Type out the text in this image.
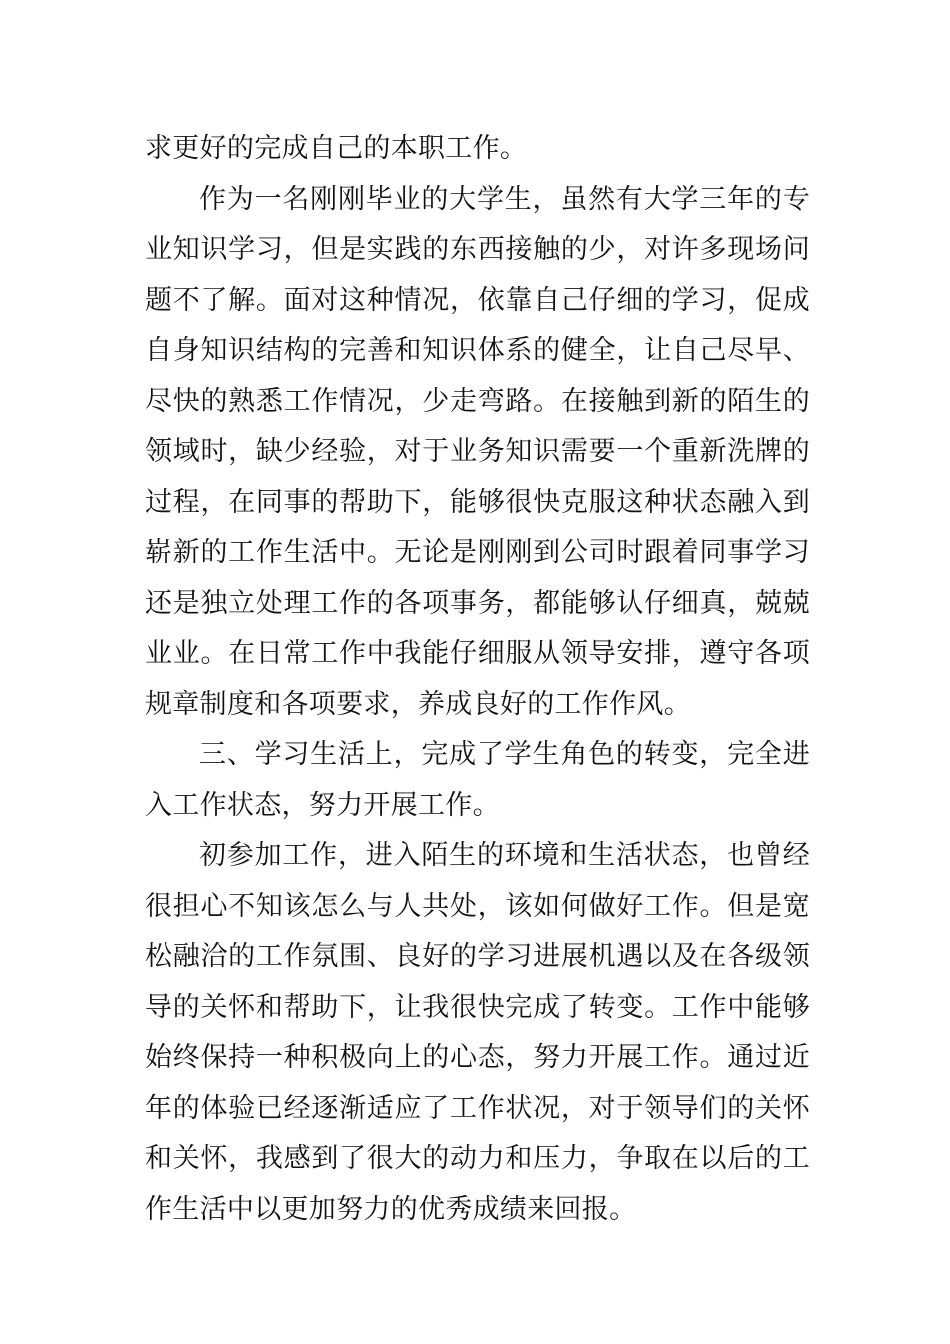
求更好的完成自己的本职工作。

作为一名刚刚毕业的大学生，虽然有大学三年的专业知识学习，但是实践的东西接触的少，对许多现场问题不了解。面对这种情况，依靠自己仔细的学习，促成自身知识结构的完善和知识体系的健全，让自己尽早、尽快的熟悉工作情况，少走弯路。在接触到新的陌生的领域时，缺少经验，对于业务知识需要一个重新洗牌的过程，在同事的帮助下，能够很快克服这种状态融入到崭新的工作生活中。无论是刚刚到公司时跟着同事学习还是独立处理工作的各项事务，都能够认仔细真，兢兢业业。在日常工作中我能仔细服从领导安排，遵守各项规章制度和各项要求，养成良好的工作作风。

三、学习生活上，完成了学生角色的转变，完全进入工作状态，努力开展工作。

初参加工作，进入陌生的环境和生活状态，也曾经很担心不知该怎么与人共处，该如何做好工作。但是宽松融洽的工作氛围、良好的学习进展机遇以及在各级领导的关怀和帮助下，让我很快完成了转变。工作中能够始终保持一种积极向上的心态，努力开展工作。通过近年的体验已经逐渐适应了工作状况，对于领导们的关怀和关怀，我感到了很大的动力和压力，争取在以后的工作生活中以更加努力的优秀成绩来回报。
